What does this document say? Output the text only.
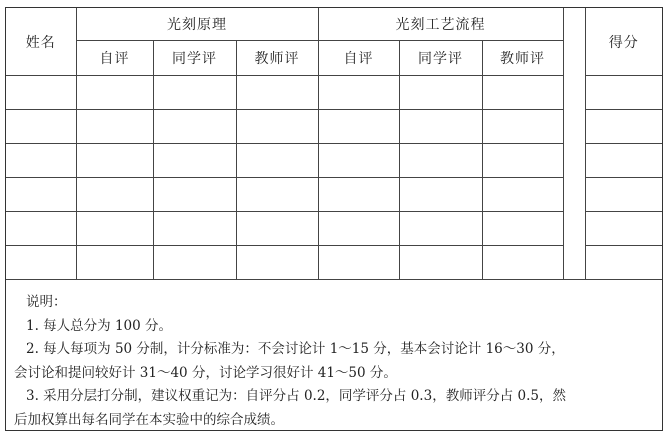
姓名	光刻原理			光刻工艺流程				得分
	自评	同学评	教师评	自评	同学评	教师评		

说明：

1. 每人总分为 100 分。

2. 每人每项为 50 分制，计分标准为：不会讨论计 1～15 分，基本会讨论计 16～30 分，

会讨论和提问较好计 31～40 分，讨论学习很好计 41～50 分。

3. 采用分层打分制，建议权重记为：自评分占 0.2，同学评分占 0.3，教师评分占 0.5，然

后加权算出每名同学在本实验中的综合成绩。
